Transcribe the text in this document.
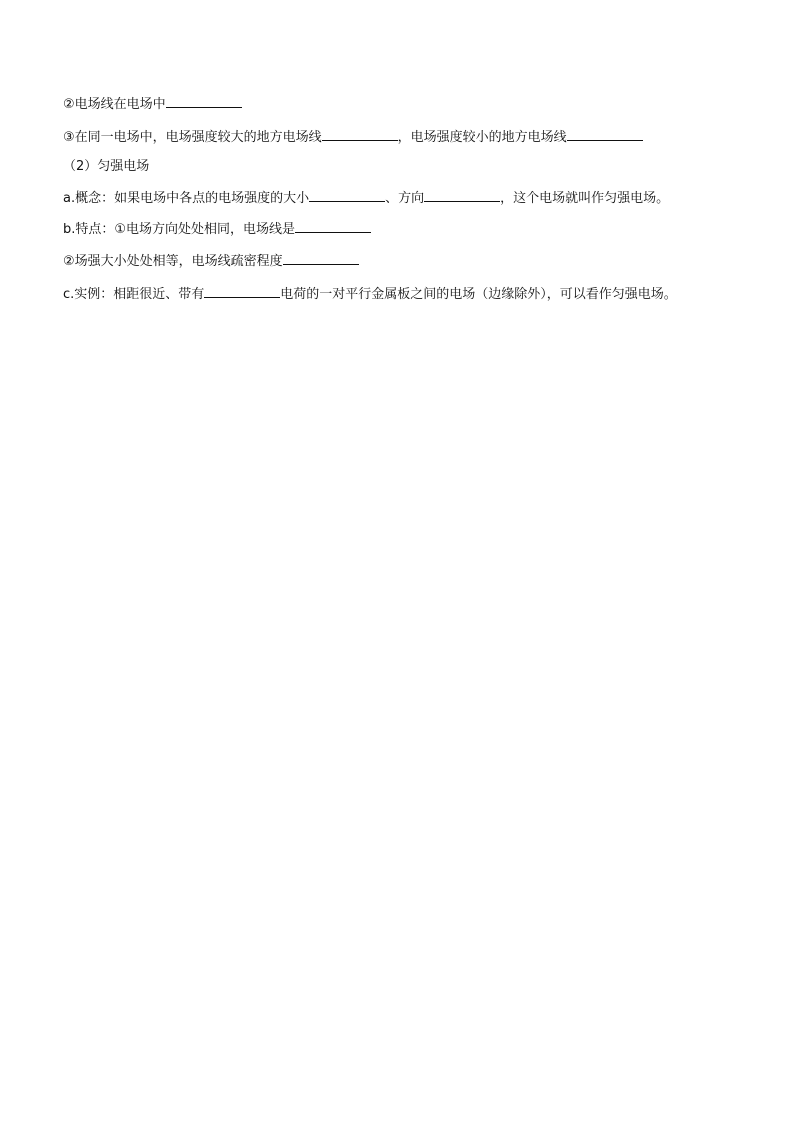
②电场线在电场中
③在同一电场中，电场强度较大的地方电场线	，电场强度较小的地方电场线
（2）匀强电场
a.概念：如果电场中各点的电场强度的大小	、方向	，这个电场就叫作匀强电场。
b.特点：①电场方向处处相同，电场线是
②场强大小处处相等，电场线疏密程度
c.实例：相距很近、带有	电荷的一对平行金属板之间的电场（边缘除外），可以看作匀强电场。
